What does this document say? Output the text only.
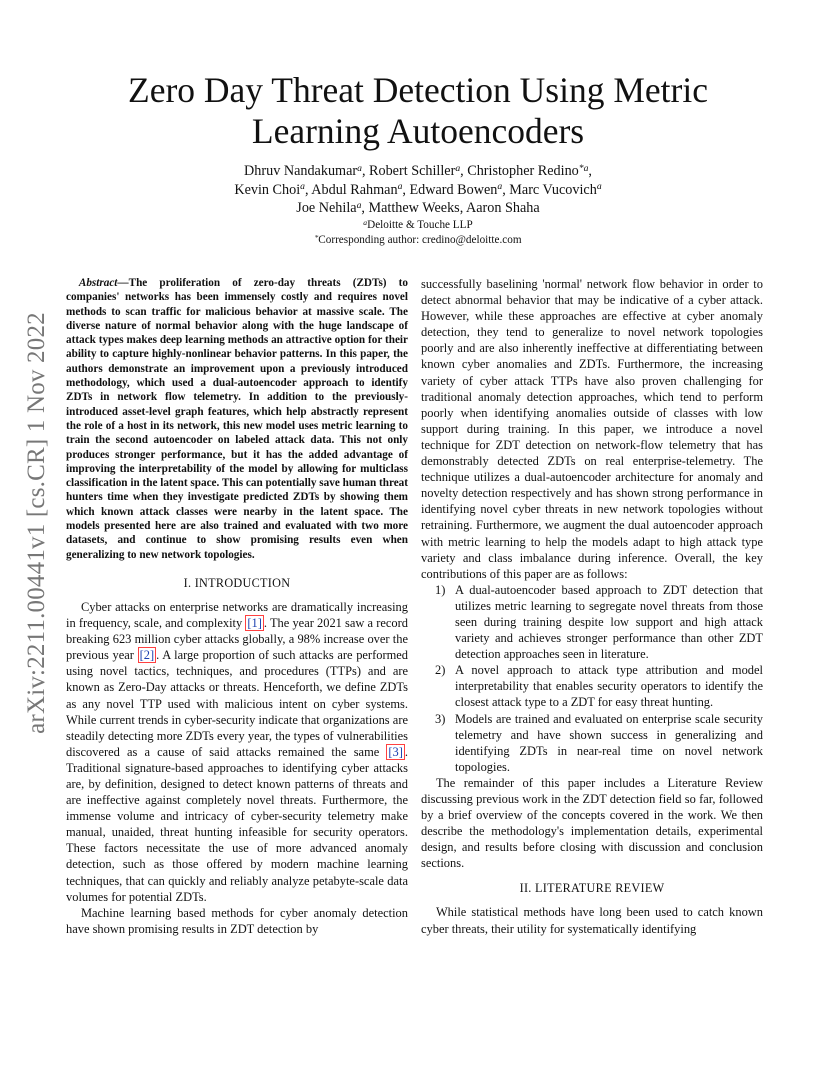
arXiv:2211.00441v1 [cs.CR] 1 Nov 2022
Zero Day Threat Detection Using Metric Learning Autoencoders
Dhruv Nandakumar$^a$, Robert Schiller$^a$, Christopher Redino$^{*a}$,
Kevin Choi$^a$, Abdul Rahman$^a$, Edward Bowen$^a$, Marc Vucovich$^a$
Joe Nehila$^a$, Matthew Weeks, Aaron Shaha
$^a$Deloitte & Touche LLP
*Corresponding author: credino@deloitte.com

Abstract—The proliferation of zero-day threats (ZDTs) to companies' networks has been immensely costly and requires novel methods to scan traffic for malicious behavior at massive scale. The diverse nature of normal behavior along with the huge landscape of attack types makes deep learning methods an attractive option for their ability to capture highly-nonlinear behavior patterns. In this paper, the authors demonstrate an improvement upon a previously introduced methodology, which used a dual-autoencoder approach to identify ZDTs in network flow telemetry. In addition to the previously-introduced asset-level graph features, which help abstractly represent the role of a host in its network, this new model uses metric learning to train the second autoencoder on labeled attack data. This not only produces stronger performance, but it has the added advantage of improving the interpretability of the model by allowing for multiclass classification in the latent space. This can potentially save human threat hunters time when they investigate predicted ZDTs by showing them which known attack classes were nearby in the latent space. The models presented here are also trained and evaluated with two more datasets, and continue to show promising results even when generalizing to new network topologies.

I. INTRODUCTION

Cyber attacks on enterprise networks are dramatically increasing in frequency, scale, and complexity [1] . The year 2021 saw a record breaking 623 million cyber attacks globally, a 98% increase over the previous year [2] . A large proportion of such attacks are performed using novel tactics, techniques, and procedures (TTPs) and are known as Zero-Day attacks or threats. Henceforth, we define ZDTs as any novel TTP used with malicious intent on cyber systems. While current trends in cyber-security indicate that organizations are steadily detecting more ZDTs every year, the types of vulnerabilities discovered as a cause of said attacks remained the same [3] . Traditional signature-based approaches to identifying cyber attacks are, by definition, designed to detect known patterns of threats and are ineffective against completely novel threats. Furthermore, the immense volume and intricacy of cyber-security telemetry make manual, unaided, threat hunting infeasible for security operators. These factors necessitate the use of more advanced anomaly detection, such as those offered by modern machine learning techniques, that can quickly and reliably analyze petabyte-scale data volumes for potential ZDTs.

Machine learning based methods for cyber anomaly detection have shown promising results in ZDT detection by

successfully baselining 'normal' network flow behavior in order to detect abnormal behavior that may be indicative of a cyber attack. However, while these approaches are effective at cyber anomaly detection, they tend to generalize to novel network topologies poorly and are also inherently ineffective at differentiating between known cyber anomalies and ZDTs. Furthermore, the increasing variety of cyber attack TTPs have also proven challenging for traditional anomaly detection approaches, which tend to perform poorly when identifying anomalies outside of classes with low support during training. In this paper, we introduce a novel technique for ZDT detection on network-flow telemetry that has demonstrably detected ZDTs on real enterprise-telemetry. The technique utilizes a dual-autoencoder architecture for anomaly and novelty detection respectively and has shown strong performance in identifying novel cyber threats in new network topologies without retraining. Furthermore, we augment the dual autoencoder approach with metric learning to help the models adapt to high attack type variety and class imbalance during inference. Overall, the key contributions of this paper are as follows:

1) A dual-autoencoder based approach to ZDT detection that utilizes metric learning to segregate novel threats from those seen during training despite low support and high attack variety and achieves stronger performance than other ZDT detection approaches seen in literature.
2) A novel approach to attack type attribution and model interpretability that enables security operators to identify the closest attack type to a ZDT for easy threat hunting.
3) Models are trained and evaluated on enterprise scale security telemetry and have shown success in generalizing and identifying ZDTs in near-real time on novel network topologies.

The remainder of this paper includes a Literature Review discussing previous work in the ZDT detection field so far, followed by a brief overview of the concepts covered in the work. We then describe the methodology's implementation details, experimental design, and results before closing with discussion and conclusion sections.

II. LITERATURE REVIEW

While statistical methods have long been used to catch known cyber threats, their utility for systematically identifying
